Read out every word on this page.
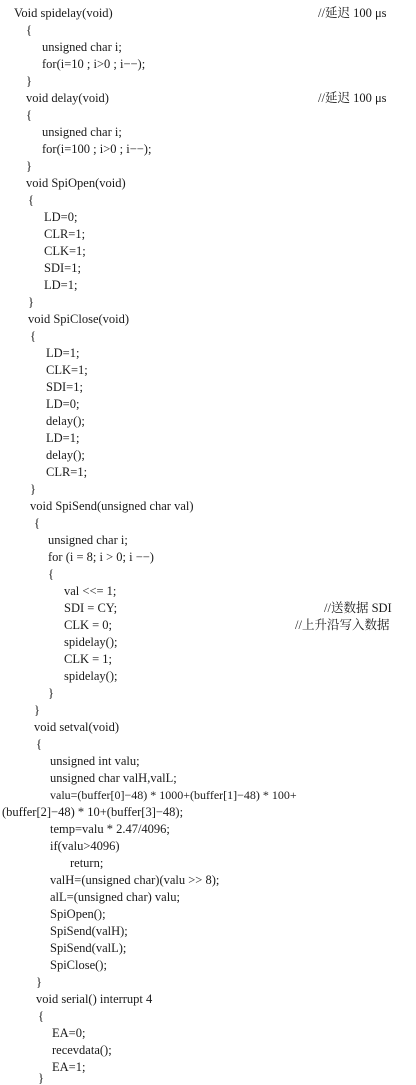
Void spidelay(void)	//延迟 100 μs
{
unsigned char i;
for(i=10 ; i>0 ; i−−);
}
void delay(void)	//延迟 100 μs
{
unsigned char i;
for(i=100 ; i>0 ; i−−);
}
void SpiOpen(void)
{
LD=0;
CLR=1;
CLK=1;
SDI=1;
LD=1;
}
void SpiClose(void)
{
LD=1;
CLK=1;
SDI=1;
LD=0;
delay();
LD=1;
delay();
CLR=1;
}
void SpiSend(unsigned char val)
{
unsigned char i;
for (i = 8; i > 0; i −−)
{
val <<= 1;
SDI = CY;	//送数据 SDI
CLK = 0;	//上升沿写入数据
spidelay();
CLK = 1;
spidelay();
}
}
void setval(void)
{
unsigned int valu;
unsigned char valH,valL;
valu=(buffer[0]−48) * 1000+(buffer[1]−48) * 100+
(buffer[2]−48) * 10+(buffer[3]−48);
temp=valu * 2.47/4096;
if(valu>4096)
return;
valH=(unsigned char)(valu >> 8);
alL=(unsigned char) valu;
SpiOpen();
SpiSend(valH);
SpiSend(valL);
SpiClose();
}
void serial() interrupt 4
{
EA=0;
recevdata();
EA=1;
}
